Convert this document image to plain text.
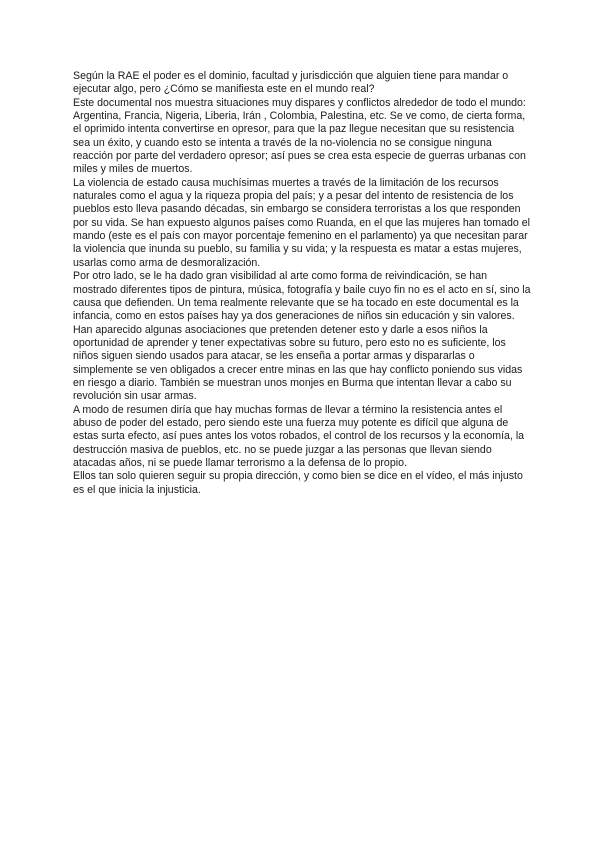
Según la RAE el poder es el dominio, facultad y jurisdicción que alguien tiene para mandar o ejecutar algo, pero ¿Cómo se manifiesta este en el mundo real?

Este documental nos muestra situaciones muy dispares y conflictos alrededor de todo el mundo: Argentina, Francia, Nigeria, Liberia, Irán , Colombia, Palestina, etc. Se ve como, de cierta forma, el oprimido intenta convertirse en opresor, para que la paz llegue necesitan que su resistencia sea un éxito, y cuando esto se intenta a través de la no-violencia no se consigue ninguna reacción por parte del verdadero opresor; así pues se crea esta especie de guerras urbanas con miles y miles de muertos.

La violencia de estado causa muchísimas muertes a través de la limitación de los recursos naturales como el agua y la riqueza propia del país; y a pesar del intento de resistencia de los pueblos esto lleva pasando décadas, sin embargo se considera terroristas a los que responden por su vida. Se han expuesto algunos países como Ruanda, en el que las mujeres han tomado el mando (este es el país con mayor porcentaje femenino en el parlamento) ya que necesitan parar la violencia que inunda su pueblo, su familia y su vida; y la respuesta es matar a estas mujeres, usarlas como arma de desmoralización.

Por otro lado, se le ha dado gran visibilidad al arte como forma de reivindicación, se han mostrado diferentes tipos de pintura, música, fotografía y baile cuyo fin no es el acto en sí, sino la causa que defienden. Un tema realmente relevante que se ha tocado en este documental es la infancia, como en estos países hay ya dos generaciones de niños sin educación y sin valores. Han aparecido algunas asociaciones que pretenden detener esto y darle a esos niños la oportunidad de aprender y tener expectativas sobre su futuro, pero esto no es suficiente, los niños siguen siendo usados para atacar, se les enseña a portar armas y dispararlas o simplemente se ven obligados a crecer entre minas en las que hay conflicto poniendo sus vidas en riesgo a diario. También se muestran unos monjes en Burma que intentan llevar a cabo su revolución sin usar armas.

A modo de resumen diría que hay muchas formas de llevar a término la resistencia antes el abuso de poder del estado, pero siendo este una fuerza muy potente es difícil que alguna de estas surta efecto, así pues antes los votos robados, el control de los recursos y la economía, la destrucción masiva de pueblos, etc. no se puede juzgar a las personas que llevan siendo atacadas años, ni se puede llamar terrorismo a la defensa de lo propio.

Ellos tan solo quieren seguir su propia dirección, y como bien se dice en el vídeo, el más injusto es el que inicia la injusticia.
